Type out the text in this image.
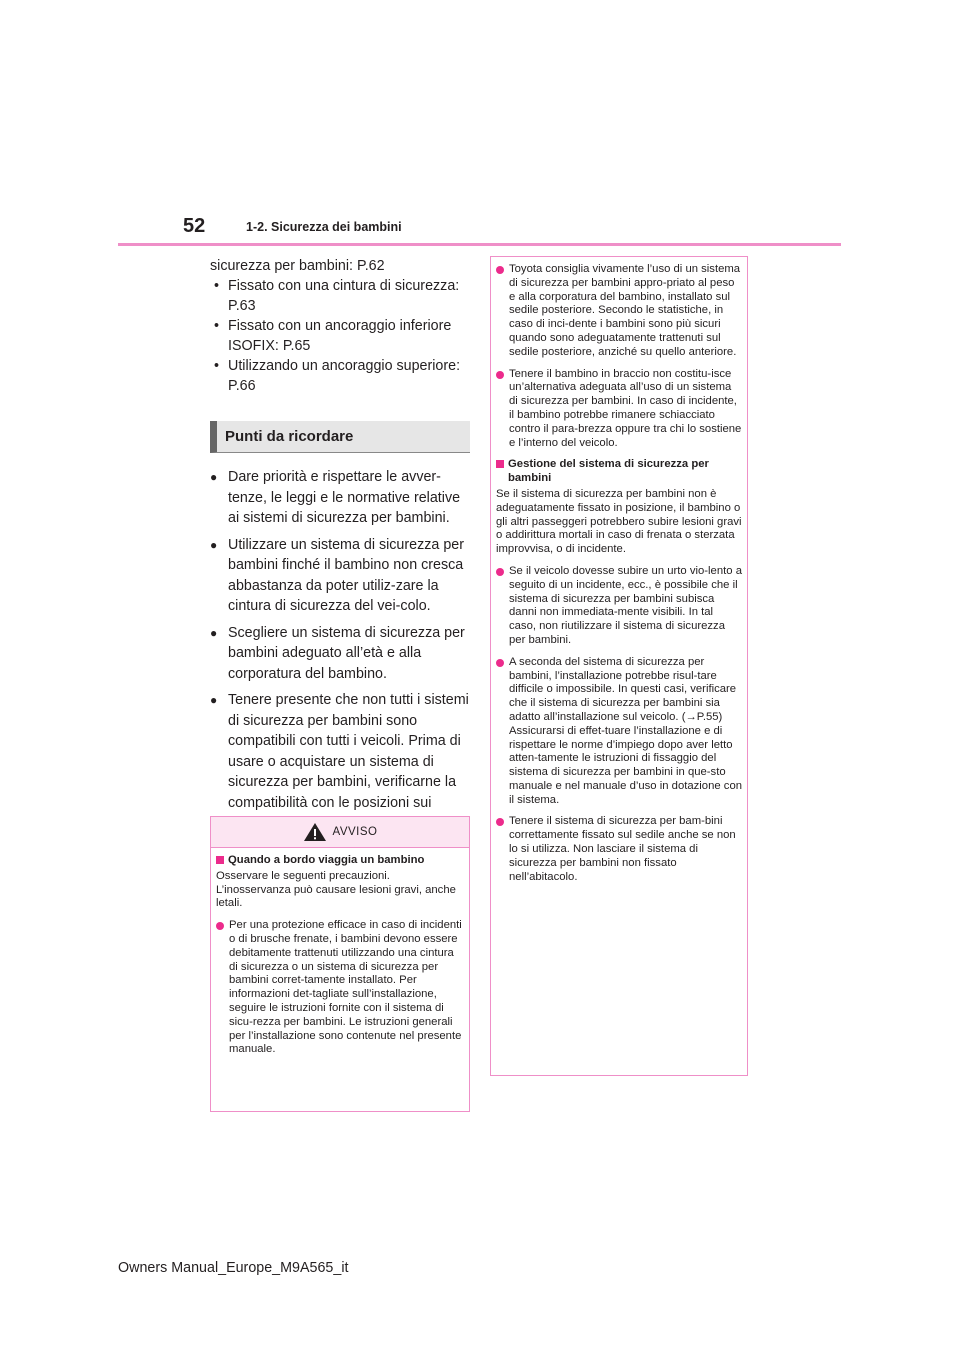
52	1-2. Sicurezza dei bambini
sicurezza per bambini: P.62
• Fissato con una cintura di sicurezza:
P.63
• Fissato con un ancoraggio inferiore
ISOFIX: P.65
• Utilizzando un ancoraggio superiore:
P.66
Punti da ricordare
● Dare priorità e rispettare le avver-tenze, le leggi e le normative relative ai sistemi di sicurezza per bambini.
● Utilizzare un sistema di sicurezza per bambini finché il bambino non cresca abbastanza da poter utiliz-zare la cintura di sicurezza del vei-colo.
● Scegliere un sistema di sicurezza per bambini adeguato all’età e alla corporatura del bambino.
● Tenere presente che non tutti i sistemi di sicurezza per bambini sono compatibili con tutti i veicoli. Prima di usare o acquistare un sistema di sicurezza per bambini, verificarne la compatibilità con le posizioni sui
AVVISO
Quando a bordo viaggia un bambino
Osservare le seguenti precauzioni. L’inosservanza può causare lesioni gravi, anche letali.
Per una protezione efficace in caso di incidenti o di brusche frenate, i bambini devono essere debitamente trattenuti utilizzando una cintura di sicurezza o un sistema di sicurezza per bambini corret-tamente installato. Per informazioni det-tagliate sull’installazione, seguire le istruzioni fornite con il sistema di sicu-rezza per bambini. Le istruzioni generali per l’installazione sono contenute nel presente manuale.
Toyota consiglia vivamente l’uso di un sistema di sicurezza per bambini appro-priato al peso e alla corporatura del bambino, installato sul sedile posteriore. Secondo le statistiche, in caso di inci-dente i bambini sono più sicuri quando sono adeguatamente trattenuti sul sedile posteriore, anziché su quello anteriore.
Tenere il bambino in braccio non costitu-isce un’alternativa adeguata all’uso di un sistema di sicurezza per bambini. In caso di incidente, il bambino potrebbe rimanere schiacciato contro il para-brezza oppure tra chi lo sostiene e l’interno del veicolo.
Gestione del sistema di sicurezza per bambini
Se il sistema di sicurezza per bambini non è adeguatamente fissato in posizione, il bambino o gli altri passeggeri potrebbero subire lesioni gravi o addirittura mortali in caso di frenata o sterzata improvvisa, o di incidente.
Se il veicolo dovesse subire un urto vio-lento a seguito di un incidente, ecc., è possibile che il sistema di sicurezza per bambini subisca danni non immediata-mente visibili. In tal caso, non riutilizzare il sistema di sicurezza per bambini.
A seconda del sistema di sicurezza per bambini, l’installazione potrebbe risul-tare difficile o impossibile. In questi casi, verificare che il sistema di sicurezza per bambini sia adatto all’installazione sul veicolo. (→P.55) Assicurarsi di effet-tuare l’installazione e di rispettare le norme d’impiego dopo aver letto atten-tamente le istruzioni di fissaggio del sistema di sicurezza per bambini in que-sto manuale e nel manuale d’uso in dotazione con il sistema.
Tenere il sistema di sicurezza per bam-bini correttamente fissato sul sedile anche se non lo si utilizza. Non lasciare il sistema di sicurezza per bambini non fissato nell’abitacolo.
Owners Manual_Europe_M9A565_it
